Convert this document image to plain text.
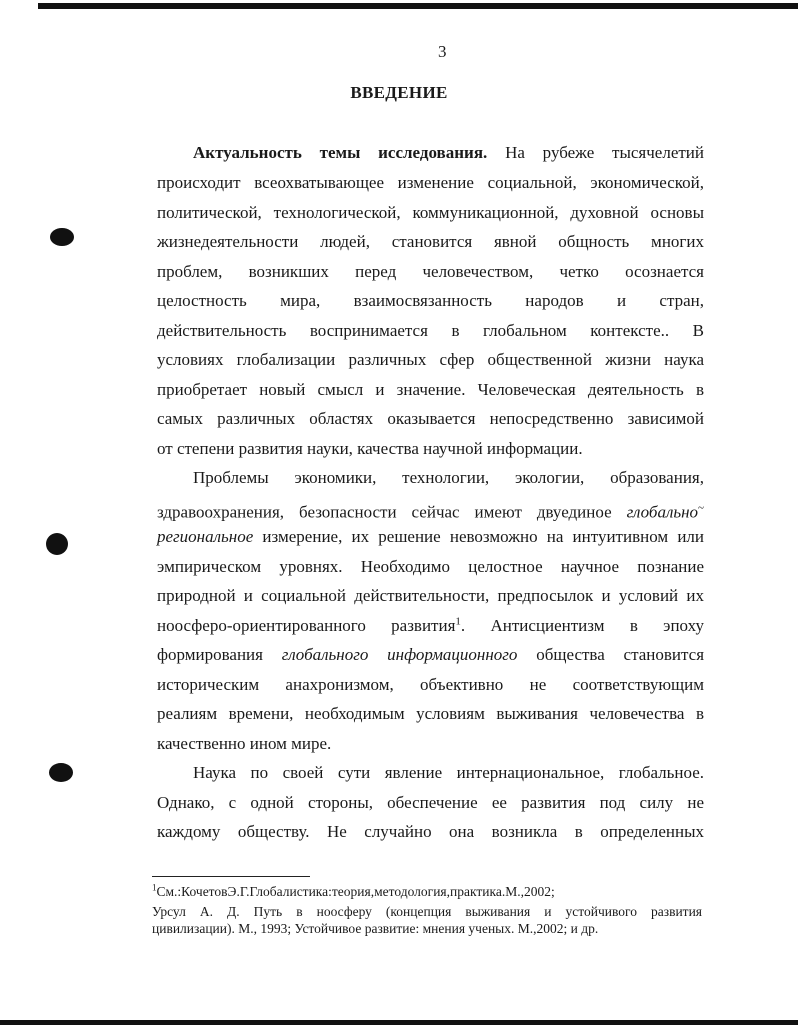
3
ВВЕДЕНИЕ
Актуальность темы исследования. На рубеже тысячелетий
происходит всеохватывающее изменение социальной, экономической,
политической, технологической, коммуникационной, духовной основы
жизнедеятельности людей, становится явной общность многих
проблем, возникших перед человечеством, четко осознается
целостность мира, взаимосвязанность народов и стран,
действительность воспринимается в глобальном контексте.. В
условиях глобализации различных сфер общественной жизни наука
приобретает новый смысл и значение. Человеческая деятельность в
самых различных областях оказывается непосредственно зависимой
от степени развития науки, качества научной информации.
Проблемы экономики, технологии, экологии, образования,
здравоохранения, безопасности сейчас имеют двуединое глобально~
региональное измерение, их решение невозможно на интуитивном или
эмпирическом уровнях. Необходимо целостное научное познание
природной и социальной действительности, предпосылок и условий их
ноосферо-ориентированного развития$^1$. Антисциентизм в эпоху
формирования глобального информационного общества становится
историческим анахронизмом, объективно не соответствующим
реалиям времени, необходимым условиям выживания человечества в
качественно ином мире.
Наука по своей сути явление интернациональное, глобальное.
Однако, с одной стороны, обеспечение ее развития под силу не
каждому обществу. Не случайно она возникла в определенных
$^1$См.:КочетовЭ.Г.Глобалистика:теория,методология,практика.М.,2002;
Урсул А. Д. Путь в ноосферу (концепция выживания и устойчивого развития
цивилизации). М., 1993; Устойчивое развитие: мнения ученых. М.,2002; и др.
